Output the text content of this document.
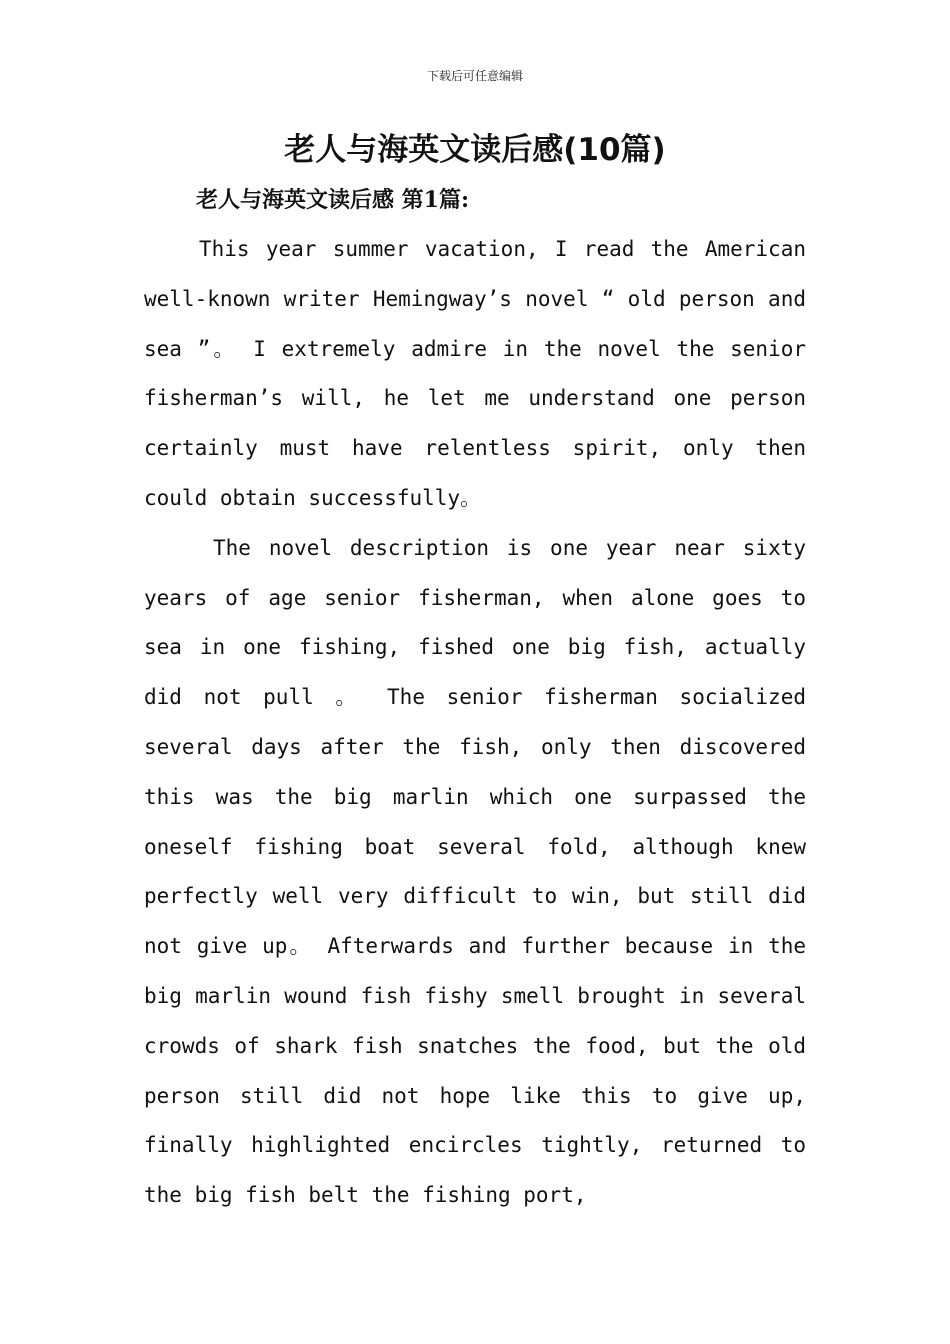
下载后可任意编辑
老人与海英文读后感(10篇)
老人与海英文读后感 第1篇:

This year summer vacation, I read the American well-known writer Hemingway’s novel “ old person and sea ”。 I extremely admire in the novel the senior fisherman’s will, he let me understand one person certainly must have relentless spirit, only then could obtain successfully。

The novel description is one year near sixty years of age senior fisherman, when alone goes to sea in one fishing, fished one big fish, actually did not pull 。 The senior fisherman socialized several days after the fish, only then discovered this was the big marlin which one surpassed the oneself fishing boat several fold, although knew perfectly well very difficult to win, but still did not give up。 Afterwards and further because in the big marlin wound fish fishy smell brought in several crowds of shark fish snatches the food, but the old person still did not hope like this to give up, finally highlighted encircles tightly, returned to the big fish belt the fishing port,
